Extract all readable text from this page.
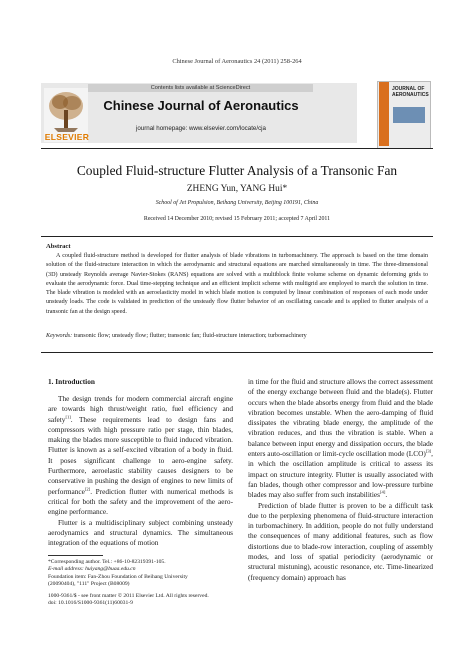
Chinese Journal of Aeronautics 24 (2011) 258-264
Contents lists available at ScienceDirect
ELSEVIER
Chinese Journal of Aeronautics
journal homepage: www.elsevier.com/locate/cja
JOURNAL OF AERONAUTICS
Coupled Fluid-structure Flutter Analysis of a Transonic Fan
ZHENG Yun, YANG Hui*
School of Jet Propulsion, Beihang University, Beijing 100191, China
Received 14 December 2010; revised 15 February 2011; accepted 7 April 2011
Abstract
A coupled fluid-structure method is developed for flutter analysis of blade vibrations in turbomachinery. The approach is based on the time domain solution of the fluid-structure interaction in which the aerodynamic and structural equations are marched simultaneously in time. The three-dimensional (3D) unsteady Reynolds average Navier-Stokes (RANS) equations are solved with a multiblock finite volume scheme on dynamic deforming grids to evaluate the aerodynamic force. Dual time-stepping technique and an efficient implicit scheme with multigrid are employed to march the solution in time. The blade vibration is modeled with an aeroelasticity model in which blade motion is computed by linear combination of responses of each mode under unsteady loads. The code is validated in prediction of the unsteady flow flutter behavior of an oscillating cascade and is applied to flutter analysis of a transonic fan at the design speed.
Keywords: transonic flow; unsteady flow; flutter; transonic fan; fluid-structure interaction; turbomachinery
1. Introduction

The design trends for modern commercial aircraft engine are towards high thrust/weight ratio, fuel efficiency and safety[1]. These requirements lead to design fans and compressors with high pressure ratio per stage, thin blades, making the blades more susceptible to fluid induced vibration. Flutter is known as a self-excited vibration of a body in fluid. It poses significant challenge to aero-engine safety. Furthermore, aeroelastic stability causes designers to be conservative in pushing the design of engines to new limits of performance[2]. Prediction flutter with numerical methods is critical for both the safety and the improvement of the aero-engine performance.

Flutter is a multidisciplinary subject combining unsteady aerodynamics and structural dynamics. The simultaneous integration of the equations of motion

in time for the fluid and structure allows the correct assessment of the energy exchange between fluid and the blade(s). Flutter occurs when the blade absorbs energy from fluid and the blade vibration becomes unstable. When the aero-damping of fluid dissipates the vibrating blade energy, the amplitude of the vibration reduces, and thus the vibration is stable. When a balance between input energy and dissipation occurs, the blade enters auto-oscillation or limit-cycle oscillation mode (LCO)[3], in which the oscillation amplitude is critical to assess its impact on structure integrity. Flutter is usually associated with fan blades, though other compressor and low-pressure turbine blades may also suffer from such instabilities[4].

Prediction of blade flutter is proven to be a difficult task due to the perplexing phenomena of fluid-structure interaction in turbomachinery. In addition, people do not fully understand the consequences of many additional features, such as flow distortions due to blade-row interaction, coupling of assembly modes, and loss of spatial periodicity (aerodynamic or structural mistuning), acoustic resonance, etc. Time-linearized (frequency domain) approach has

*Corresponding author. Tel.: +86-10-82319391-105.
E-mail address: huiyang@buaa.edu.cn
Foundation item: Fan-Zhou Foundation of Beihang University
(20090404), "111" Project (B08009)
1000-9361/$ - see front matter © 2011 Elsevier Ltd. All rights reserved.
doi: 10.1016/S1000-9361(11)60031-9
